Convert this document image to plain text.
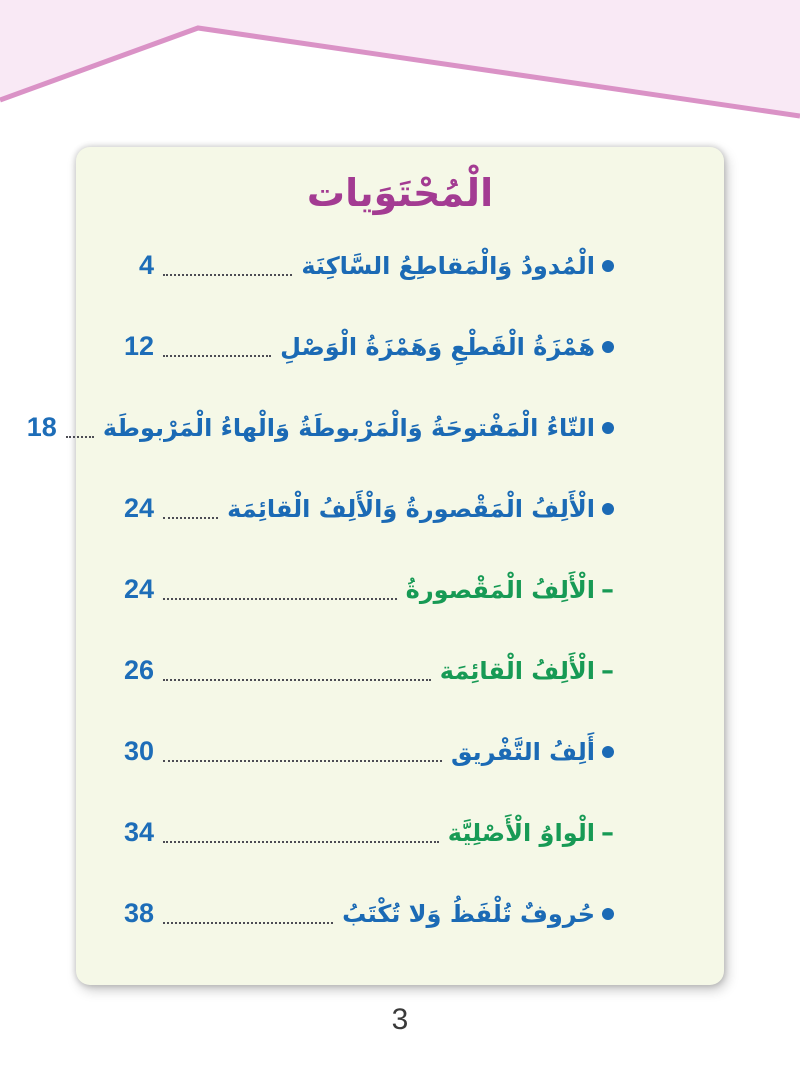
الْمُحْتَوَيات
الْمُدودُ وَالْمَقاطِعُ السَّاكِنَة
4
هَمْزَةُ الْقَطْعِ وَهَمْزَةُ الْوَصْلِ
12
التّاءُ الْمَفْتوحَةُ وَالْمَرْبوطَةُ وَالْهاءُ الْمَرْبوطَة
18
الْأَلِفُ الْمَقْصورةُ وَالْأَلِفُ الْقائِمَة
24
–
الْأَلِفُ الْمَقْصورةُ
24
–
الْأَلِفُ الْقائِمَة
26
أَلِفُ التَّفْريق
30
–
الْواوُ الْأَصْلِيَّة
34
حُروفٌ تُلْفَظُ وَلا تُكْتَبُ
38
3
